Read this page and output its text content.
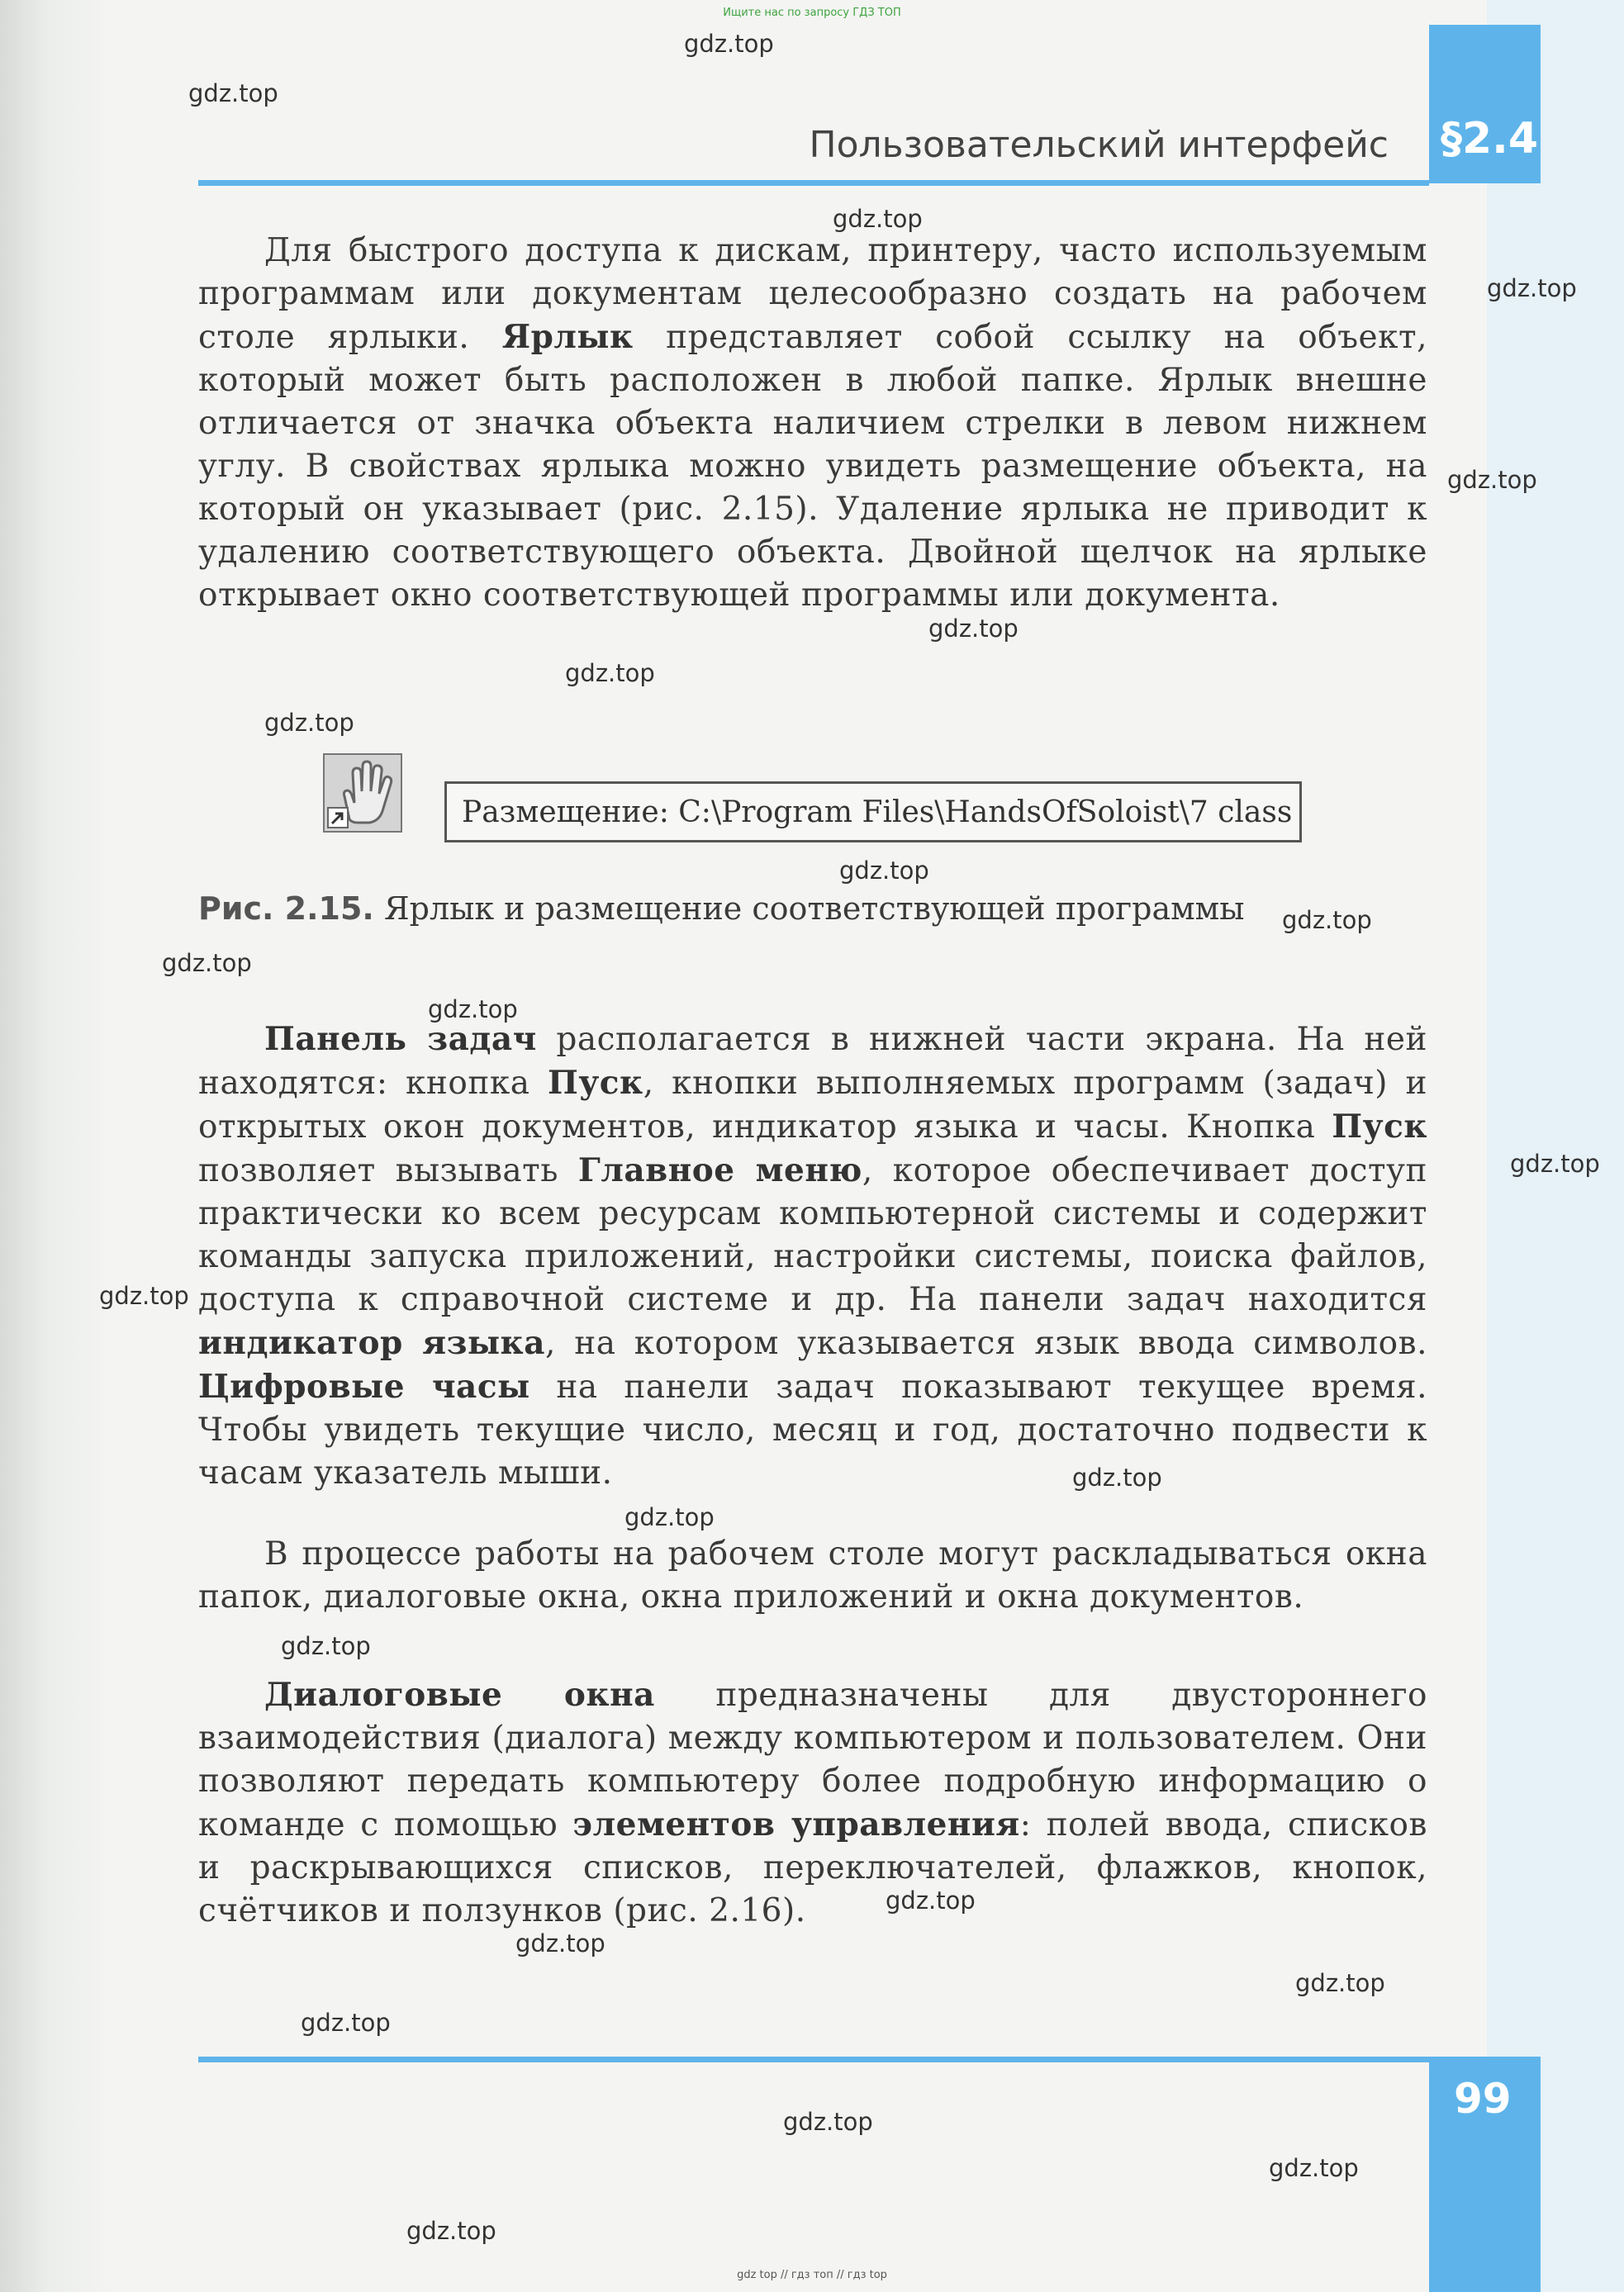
Ищите нас по запросу ГДЗ ТОП
§2.4
Пользовательский интерфейс

Для быстрого доступа к дискам, принтеру, часто используемым программам или документам целесообразно создать на рабочем столе ярлыки. Ярлык представляет собой ссылку на объект, который может быть расположен в любой папке. Ярлык внешне отличается от значка объекта наличием стрелки в левом нижнем углу. В свойствах ярлыка можно увидеть размещение объекта, на который он указывает (рис. 2.15). Удаление ярлыка не приводит к удалению соответствующего объекта. Двойной щелчок на ярлыке открывает окно соответствующей программы или документа.

Размещение: C:\Program Files\HandsOfSoloist\7 class
Рис. 2.15. Ярлык и размещение соответствующей программы

Панель задач располагается в нижней части экрана. На ней находятся: кнопка Пуск, кнопки выполняемых программ (задач) и открытых окон документов, индикатор языка и часы. Кнопка Пуск позволяет вызывать Главное меню, которое обеспечивает доступ практически ко всем ресурсам компьютерной системы и содержит команды запуска приложений, настройки системы, поиска файлов, доступа к справочной системе и др. На панели задач находится индикатор языка, на котором указывается язык ввода символов. Цифровые часы на панели задач показывают текущее время. Чтобы увидеть текущие число, месяц и год, достаточно подвести к часам указатель мыши.

В процессе работы на рабочем столе могут раскладываться окна папок, диалоговые окна, окна приложений и окна документов.

Диалоговые окна предназначены для двустороннего взаимодействия (диалога) между компьютером и пользователем. Они позволяют передать компьютеру более подробную информацию о команде с помощью элементов управления: полей ввода, списков и раскрывающихся списков, переключателей, флажков, кнопок, счётчиков и ползунков (рис. 2.16).

99
gdz top // гдз топ // гдз top
gdz.top
gdz.top
gdz.top
gdz.top
gdz.top
gdz.top
gdz.top
gdz.top
gdz.top
gdz.top
gdz.top
gdz.top
gdz.top
gdz.top
gdz.top
gdz.top
gdz.top
gdz.top
gdz.top
gdz.top
gdz.top
gdz.top
gdz.top
gdz.top
